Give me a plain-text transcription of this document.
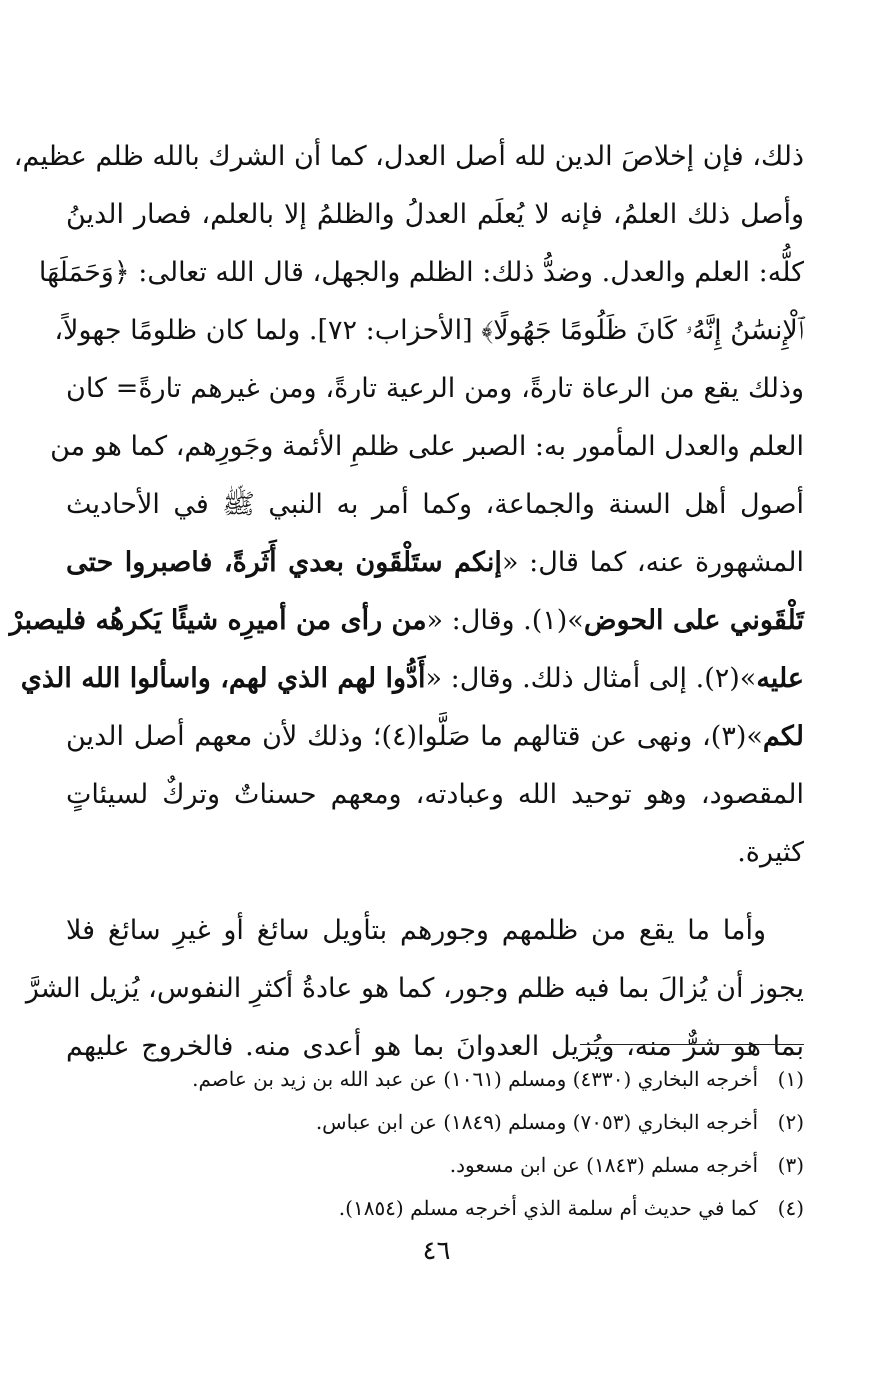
ذلك، فإن إخلاصَ الدين لله أصل العدل، كما أن الشرك بالله ظلم عظيم،
وأصل ذلك العلمُ، فإنه لا يُعلَم العدلُ والظلمُ إلا بالعلم، فصار الدينُ
كلُّه: العلم والعدل. وضدُّ ذلك: الظلم والجهل، قال الله تعالى: ﴿وَحَمَلَهَا
ٱلْإِنسَٰنُ إِنَّهُۥ كَانَ ظَلُومًا جَهُولًا﴾ [الأحزاب: ٧٢]. ولما كان ظلومًا جهولاً،
وذلك يقع من الرعاة تارةً، ومن الرعية تارةً، ومن غيرهم تارةً= كان
العلم والعدل المأمور به: الصبر على ظلمِ الأئمة وجَورِهم، كما هو من
أصول أهل السنة والجماعة، وكما أمر به النبي ﷺ في الأحاديث
المشهورة عنه، كما قال: «إنكم ستَلْقَون بعدي أَثَرةً، فاصبروا حتى
تَلْقَوني على الحوض»(١). وقال: «من رأى من أميرِه شيئًا يَكرهُه فليصبرْ
عليه»(٢). إلى أمثال ذلك. وقال: «أَدُّوا لهم الذي لهم، واسألوا الله الذي
لكم»(٣)، ونهى عن قتالهم ما صَلَّوا(٤)؛ وذلك لأن معهم أصل الدين
المقصود، وهو توحيد الله وعبادته، ومعهم حسناتٌ وتركٌ لسيئاتٍ
كثيرة.
وأما ما يقع من ظلمهم وجورهم بتأويل سائغ أو غيرِ سائغ فلا
يجوز أن يُزالَ بما فيه ظلم وجور، كما هو عادةُ أكثرِ النفوس، يُزيل الشرَّ
بما هو شرٌّ منه، ويُزيل العدوانَ بما هو أعدى منه. فالخروج عليهم
(١)أخرجه البخاري (٤٣٣٠) ومسلم (١٠٦١) عن عبد الله بن زيد بن عاصم.
(٢)أخرجه البخاري (٧٠٥٣) ومسلم (١٨٤٩) عن ابن عباس.
(٣)أخرجه مسلم (١٨٤٣) عن ابن مسعود.
(٤)كما في حديث أم سلمة الذي أخرجه مسلم (١٨٥٤).
٤٦
